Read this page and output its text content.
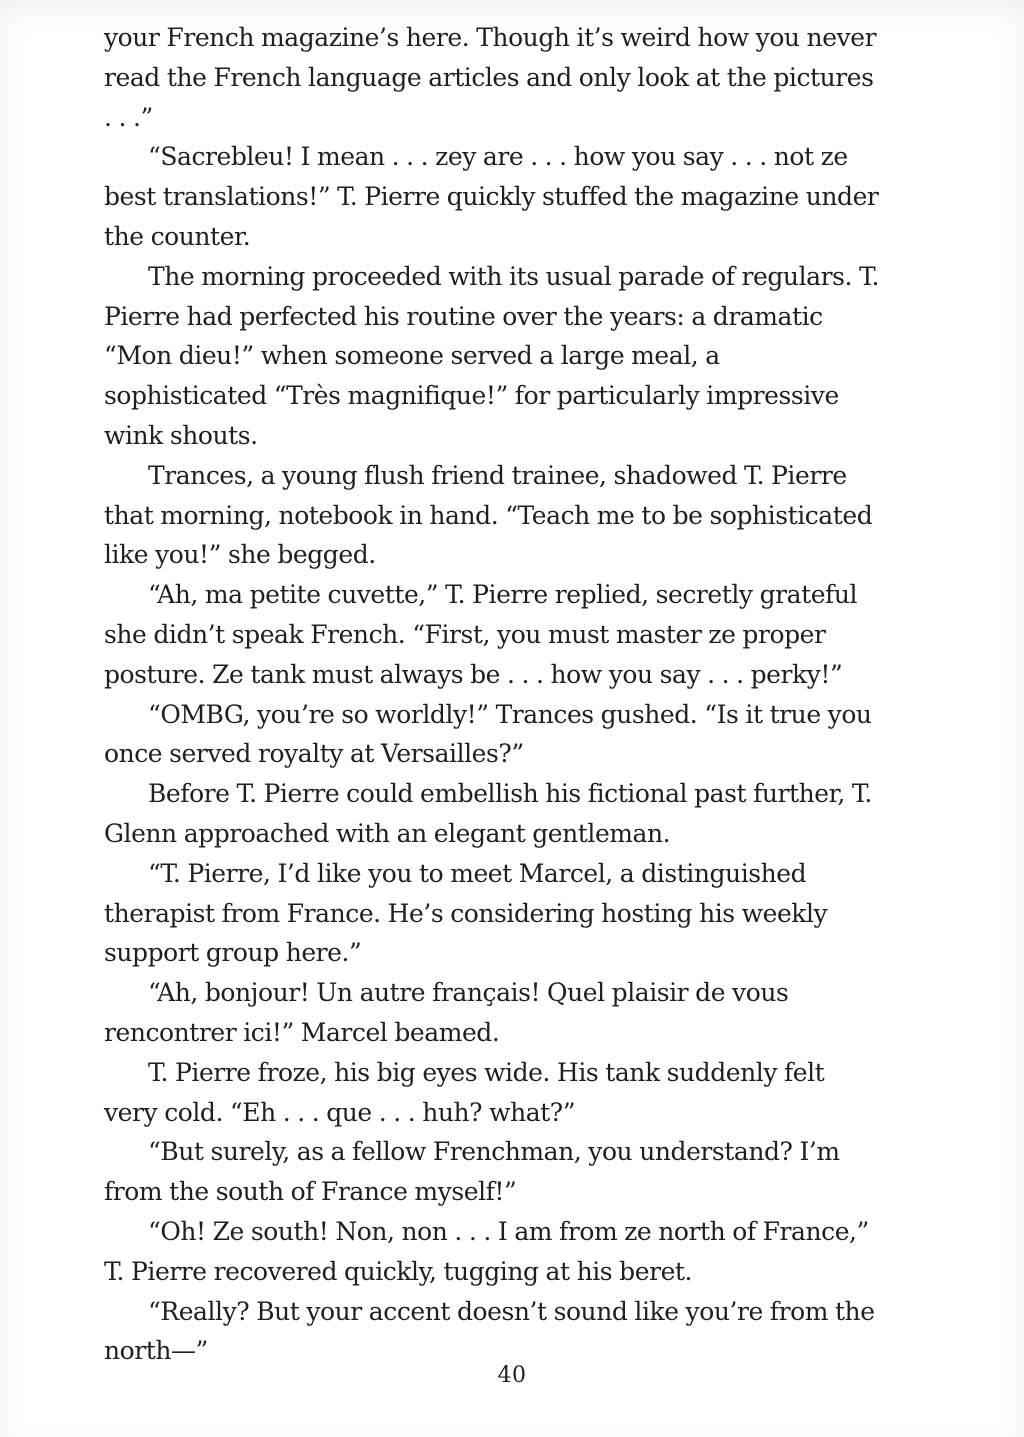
your French magazine’s here. Though it’s weird how you never read the French language articles and only look at the pictures . . .”

“Sacrebleu! I mean . . . zey are . . . how you say . . . not ze best translations!” T. Pierre quickly stuffed the magazine under the counter.

The morning proceeded with its usual parade of regulars. T. Pierre had perfected his routine over the years: a dramatic “Mon dieu!” when someone served a large meal, a sophisticated “Très magnifique!” for particularly impressive wink shouts.

Trances, a young flush friend trainee, shadowed T. Pierre that morning, notebook in hand. “Teach me to be sophisticated like you!” she begged.

“Ah, ma petite cuvette,” T. Pierre replied, secretly grateful she didn’t speak French. “First, you must master ze proper posture. Ze tank must always be . . . how you say . . . perky!”

“OMBG, you’re so worldly!” Trances gushed. “Is it true you once served royalty at Versailles?”

Before T. Pierre could embellish his fictional past further, T. Glenn approached with an elegant gentleman.

“T. Pierre, I’d like you to meet Marcel, a distinguished therapist from France. He’s considering hosting his weekly support group here.”

“Ah, bonjour! Un autre français! Quel plaisir de vous rencontrer ici!” Marcel beamed.

T. Pierre froze, his big eyes wide. His tank suddenly felt very cold. “Eh . . . que . . . huh? what?”

“But surely, as a fellow Frenchman, you understand? I’m from the south of France myself!”

“Oh! Ze south! Non, non . . . I am from ze north of France,” T. Pierre recovered quickly, tugging at his beret.

“Really? But your accent doesn’t sound like you’re from the north—”

40
